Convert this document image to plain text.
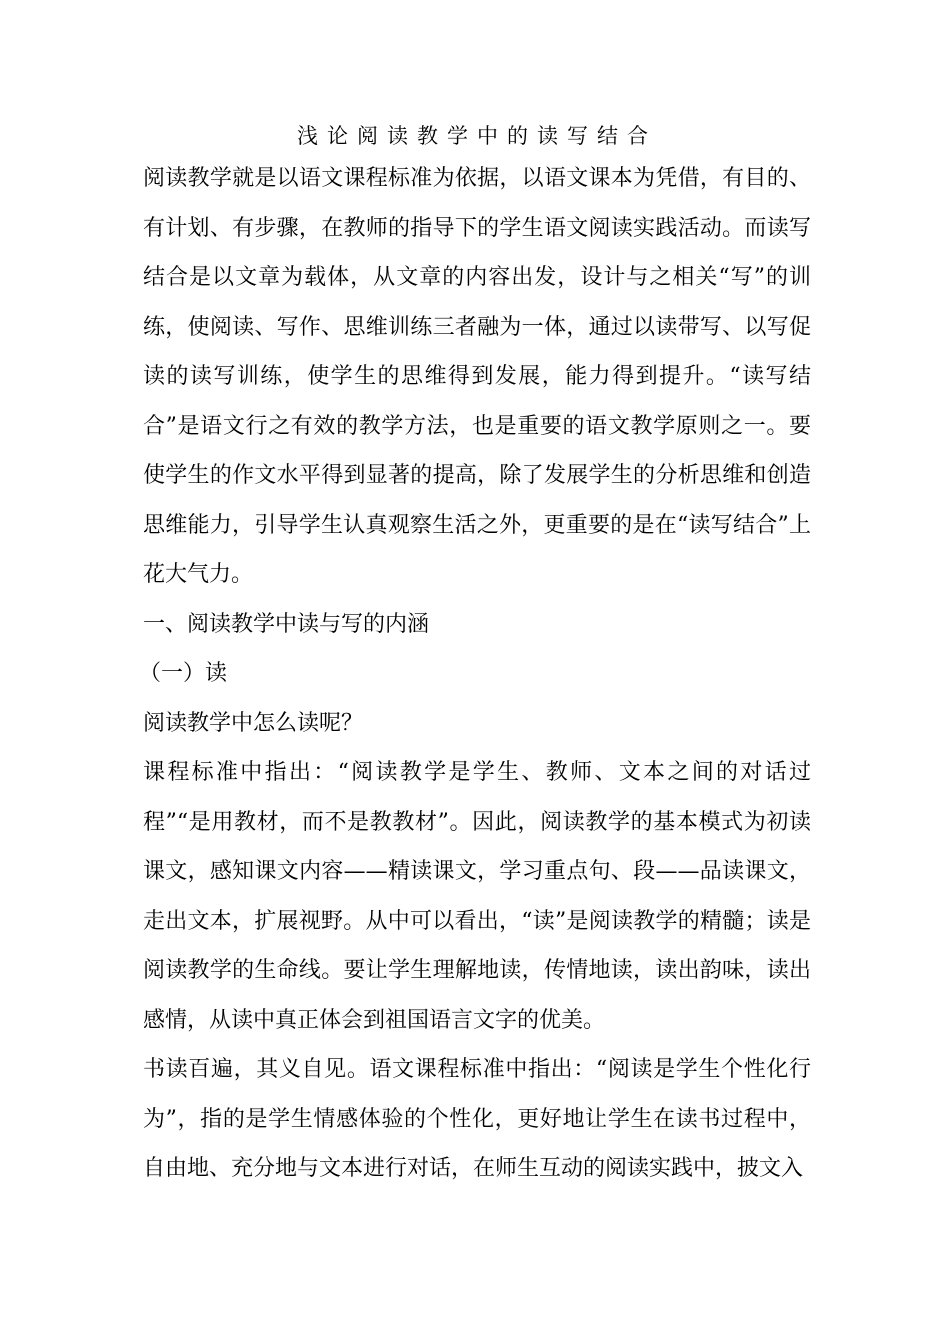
浅论阅读教学中的读写结合

阅读教学就是以语文课程标准为依据，以语文课本为凭借，有目的、有计划、有步骤，在教师的指导下的学生语文阅读实践活动。而读写结合是以文章为载体，从文章的内容出发，设计与之相关“写”的训练，使阅读、写作、思维训练三者融为一体，通过以读带写、以写促读的读写训练，使学生的思维得到发展，能力得到提升。“读写结合”是语文行之有效的教学方法，也是重要的语文教学原则之一。要使学生的作文水平得到显著的提高，除了发展学生的分析思维和创造思维能力，引导学生认真观察生活之外，更重要的是在“读写结合”上花大气力。

一、阅读教学中读与写的内涵

（一）读

阅读教学中怎么读呢？

课程标准中指出：“阅读教学是学生、教师、文本之间的对话过程”“是用教材，而不是教教材”。因此，阅读教学的基本模式为初读课文，感知课文内容——精读课文，学习重点句、段——品读课文，走出文本，扩展视野。从中可以看出，“读”是阅读教学的精髓；读是阅读教学的生命线。要让学生理解地读，传情地读，读出韵味，读出感情，从读中真正体会到祖国语言文字的优美。

书读百遍，其义自见。语文课程标准中指出：“阅读是学生个性化行为”，指的是学生情感体验的个性化，更好地让学生在读书过程中，自由地、充分地与文本进行对话，在师生互动的阅读实践中，披文入
